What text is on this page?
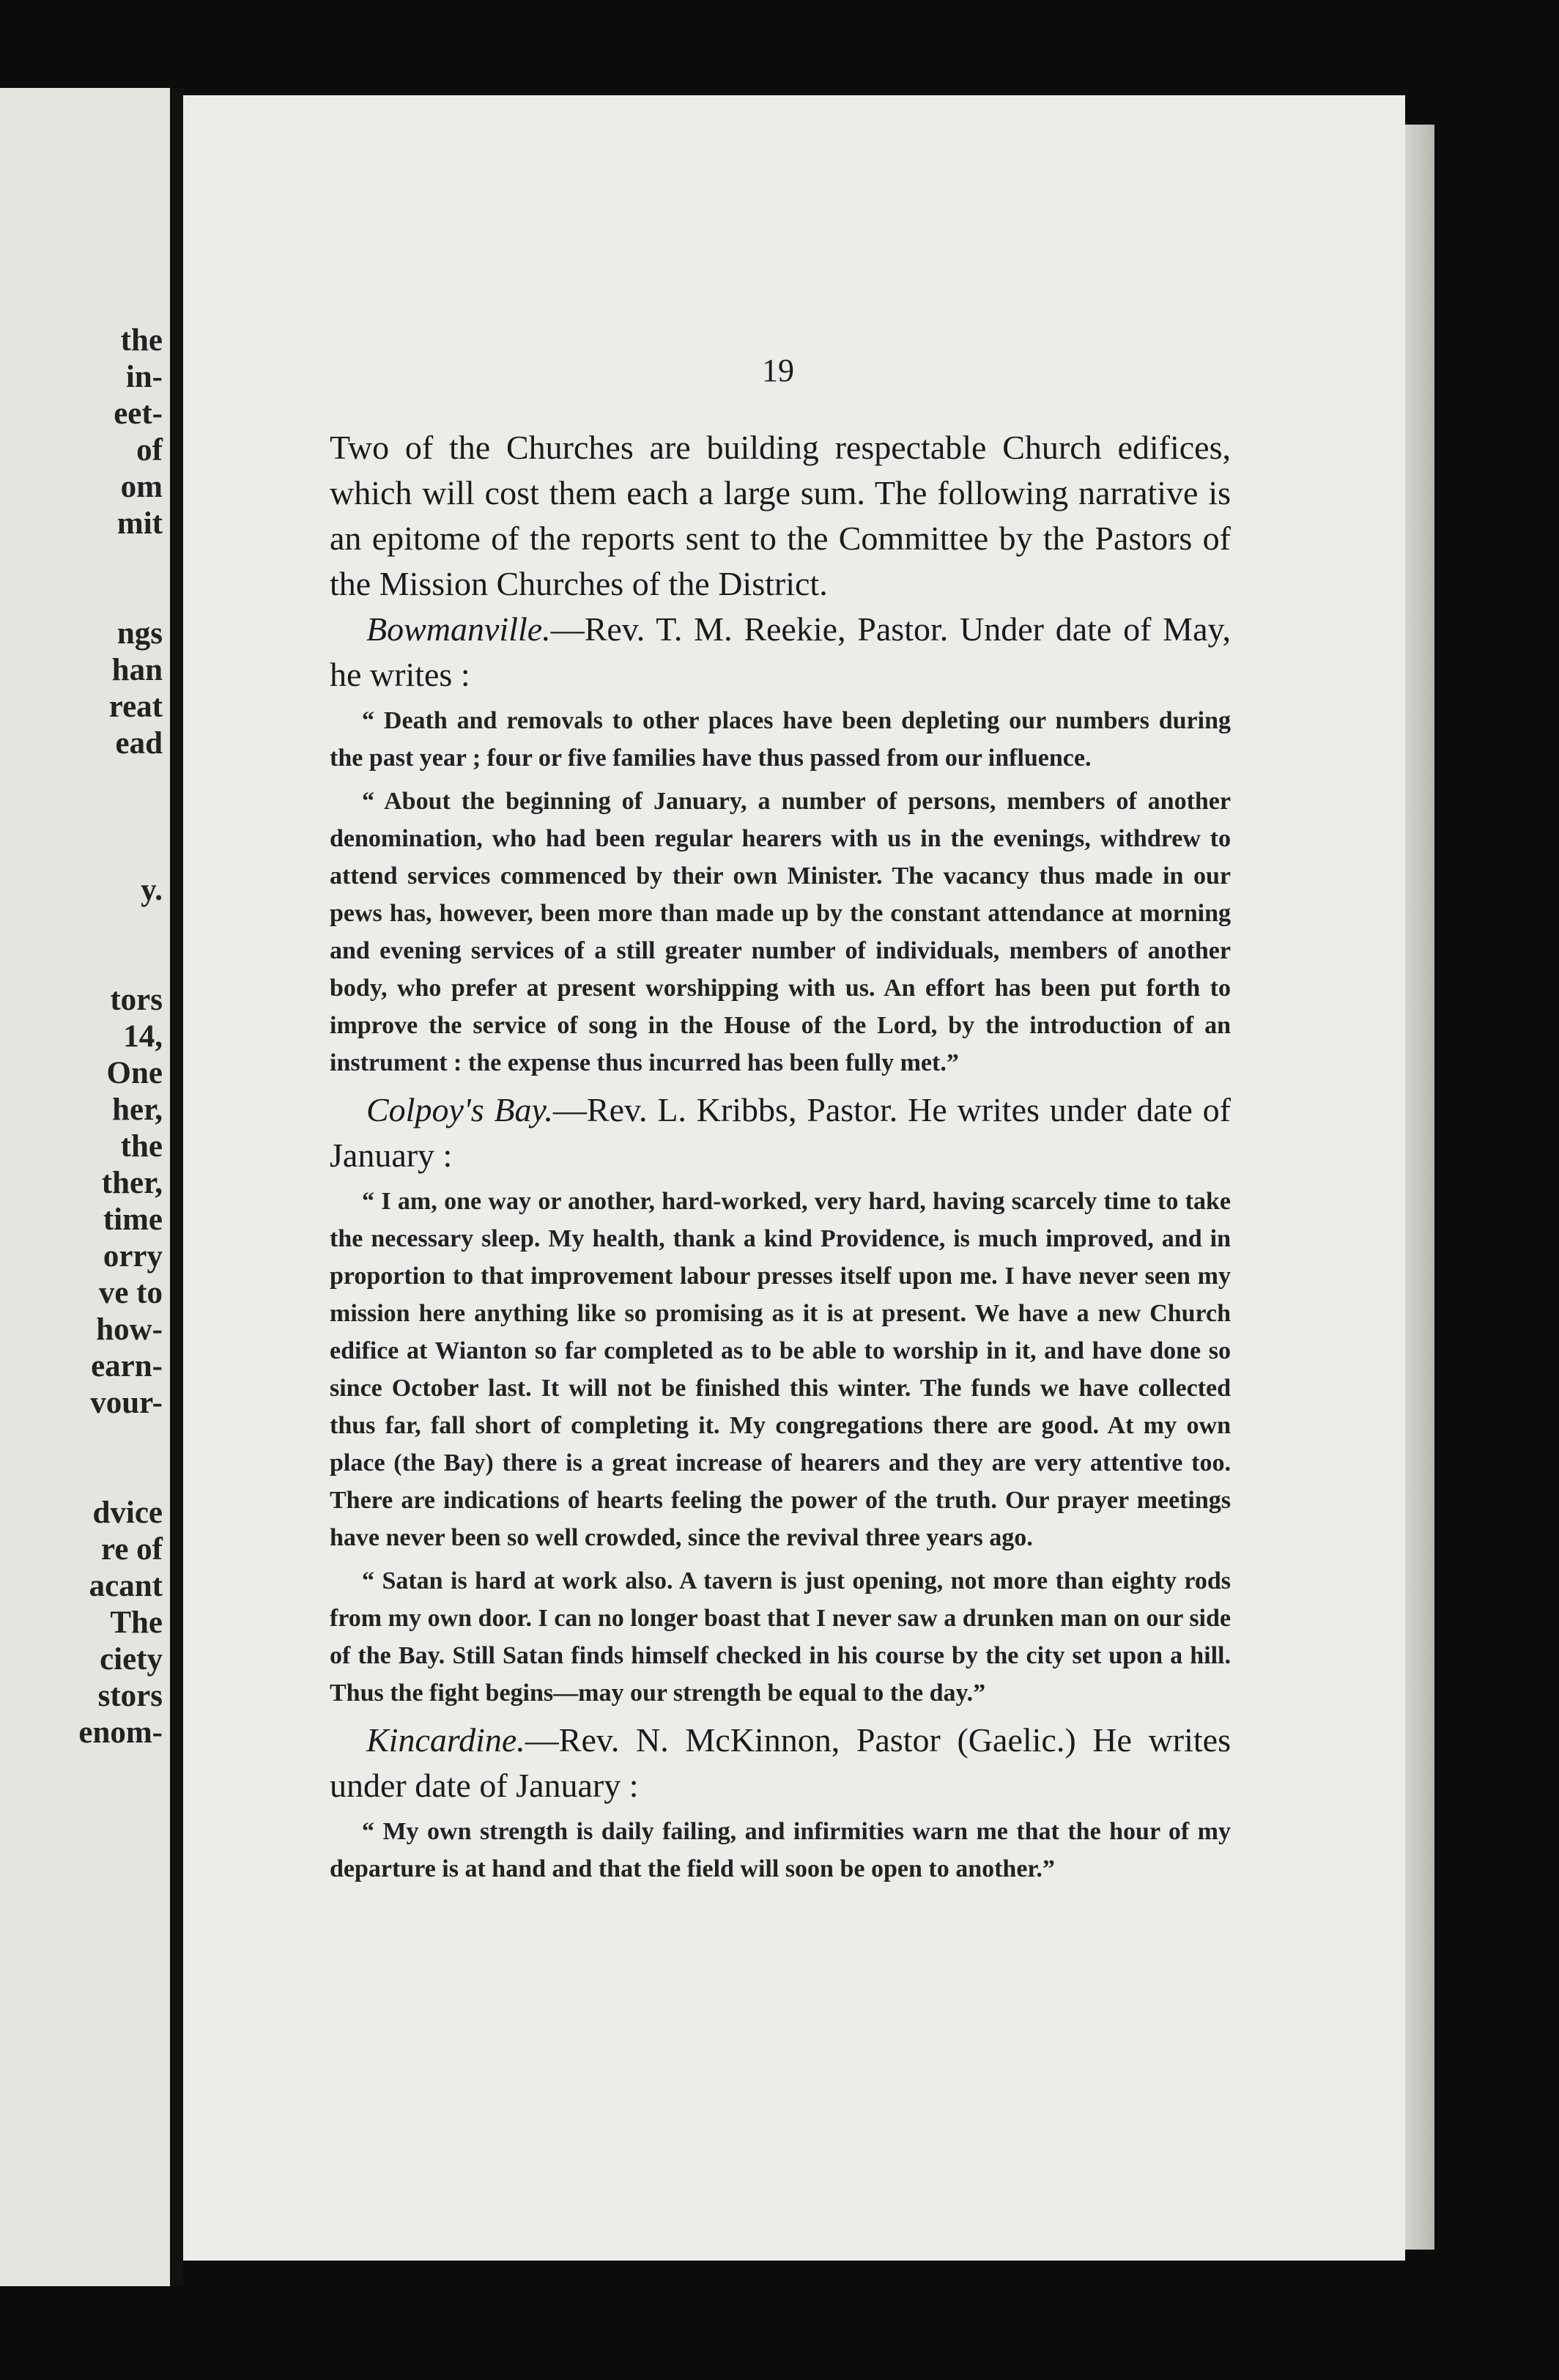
the
in-
eet-
of
om
mit
ngs
han
reat
ead
y.
tors
14,
One
her,
the
ther,
time
orry
ve to
how-
earn-
vour-
dvice
re of
acant
The
ciety
stors
enom-
19

Two of the Churches are building respectable Church edifices, which will cost them each a large sum. The following narrative is an epitome of the reports sent to the Committee by the Pastors of the Mission Churches of the District.

Bowmanville.—Rev. T. M. Reekie, Pastor. Under date of May, he writes :

“ Death and removals to other places have been depleting our numbers during the past year ; four or five families have thus passed from our influence.

“ About the beginning of January, a number of persons, members of another denomination, who had been regular hearers with us in the evenings, withdrew to attend services commenced by their own Minister. The vacancy thus made in our pews has, however, been more than made up by the constant attendance at morning and evening services of a still greater number of individuals, members of another body, who prefer at present worshipping with us. An effort has been put forth to improve the service of song in the House of the Lord, by the introduction of an instrument : the expense thus incurred has been fully met.”

Colpoy's Bay.—Rev. L. Kribbs, Pastor. He writes under date of January :

“ I am, one way or another, hard-worked, very hard, having scarcely time to take the necessary sleep. My health, thank a kind Providence, is much improved, and in proportion to that improvement labour presses itself upon me. I have never seen my mission here anything like so promising as it is at present. We have a new Church edifice at Wianton so far completed as to be able to worship in it, and have done so since October last. It will not be finished this winter. The funds we have collected thus far, fall short of completing it. My congregations there are good. At my own place (the Bay) there is a great increase of hearers and they are very attentive too. There are indications of hearts feeling the power of the truth. Our prayer meetings have never been so well crowded, since the revival three years ago.

“ Satan is hard at work also. A tavern is just opening, not more than eighty rods from my own door. I can no longer boast that I never saw a drunken man on our side of the Bay. Still Satan finds himself checked in his course by the city set upon a hill. Thus the fight begins—may our strength be equal to the day.”

Kincardine.—Rev. N. McKinnon, Pastor (Gaelic.) He writes under date of January :

“ My own strength is daily failing, and infirmities warn me that the hour of my departure is at hand and that the field will soon be open to another.”
